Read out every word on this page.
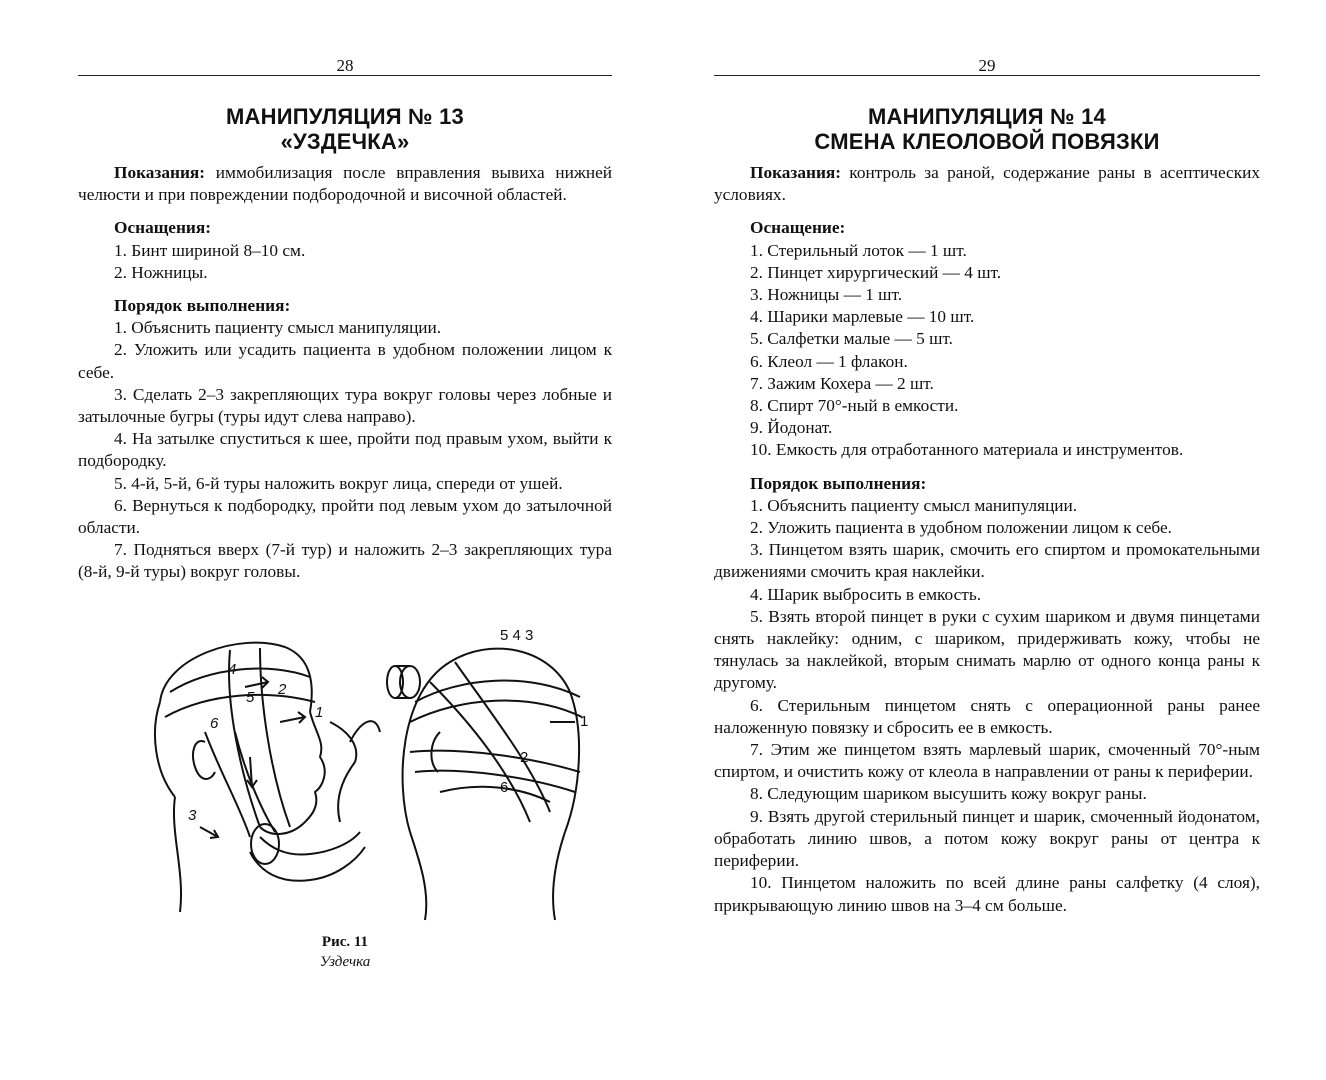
28
МАНИПУЛЯЦИЯ № 13
«УЗДЕЧКА»

Показания: иммобилизация после вправления вывиха нижней челюсти и при повреждении подбородочной и височной областей.

Оснащения:

1. Бинт шириной 8–10 см.

2. Ножницы.

Порядок выполнения:

1. Объяснить пациенту смысл манипуляции.

2. Уложить или усадить пациента в удобном положении лицом к себе.

3. Сделать 2–3 закрепляющих тура вокруг головы через лобные и затылочные бугры (туры идут слева направо).

4. На затылке спуститься к шее, пройти под правым ухом, выйти к подбородку.

5. 4-й, 5-й, 6-й туры наложить вокруг лица, спереди от ушей.

6. Вернуться к подбородку, пройти под левым ухом до затылочной области.

7. Подняться вверх (7-й тур) и наложить 2–3 закрепляющих тура (8-й, 9-й туры) вокруг головы.

4
5 2
6
1
3
5 4 3
1
2
6
Рис. 11
Уздечка
29
МАНИПУЛЯЦИЯ № 14
СМЕНА КЛЕОЛОВОЙ ПОВЯЗКИ

Показания: контроль за раной, содержание раны в асептических условиях.

Оснащение:

1. Стерильный лоток — 1 шт.

2. Пинцет хирургический — 4 шт.

3. Ножницы — 1 шт.

4. Шарики марлевые — 10 шт.

5. Салфетки малые — 5 шт.

6. Клеол — 1 флакон.

7. Зажим Кохера — 2 шт.

8. Спирт 70°-ный в емкости.

9. Йодонат.

10. Емкость для отработанного материала и инструментов.

Порядок выполнения:

1. Объяснить пациенту смысл манипуляции.

2. Уложить пациента в удобном положении лицом к себе.

3. Пинцетом взять шарик, смочить его спиртом и промокательными движениями смочить края наклейки.

4. Шарик выбросить в емкость.

5. Взять второй пинцет в руки с сухим шариком и двумя пинцетами снять наклейку: одним, с шариком, придерживать кожу, чтобы не тянулась за наклейкой, вторым снимать марлю от одного конца раны к другому.

6. Стерильным пинцетом снять с операционной раны ранее наложенную повязку и сбросить ее в емкость.

7. Этим же пинцетом взять марлевый шарик, смоченный 70°-ным спиртом, и очистить кожу от клеола в направлении от раны к периферии.

8. Следующим шариком высушить кожу вокруг раны.

9. Взять другой стерильный пинцет и шарик, смоченный йодонатом, обработать линию швов, а потом кожу вокруг раны от центра к периферии.

10. Пинцетом наложить по всей длине раны салфетку (4 слоя), прикрывающую линию швов на 3–4 см больше.
